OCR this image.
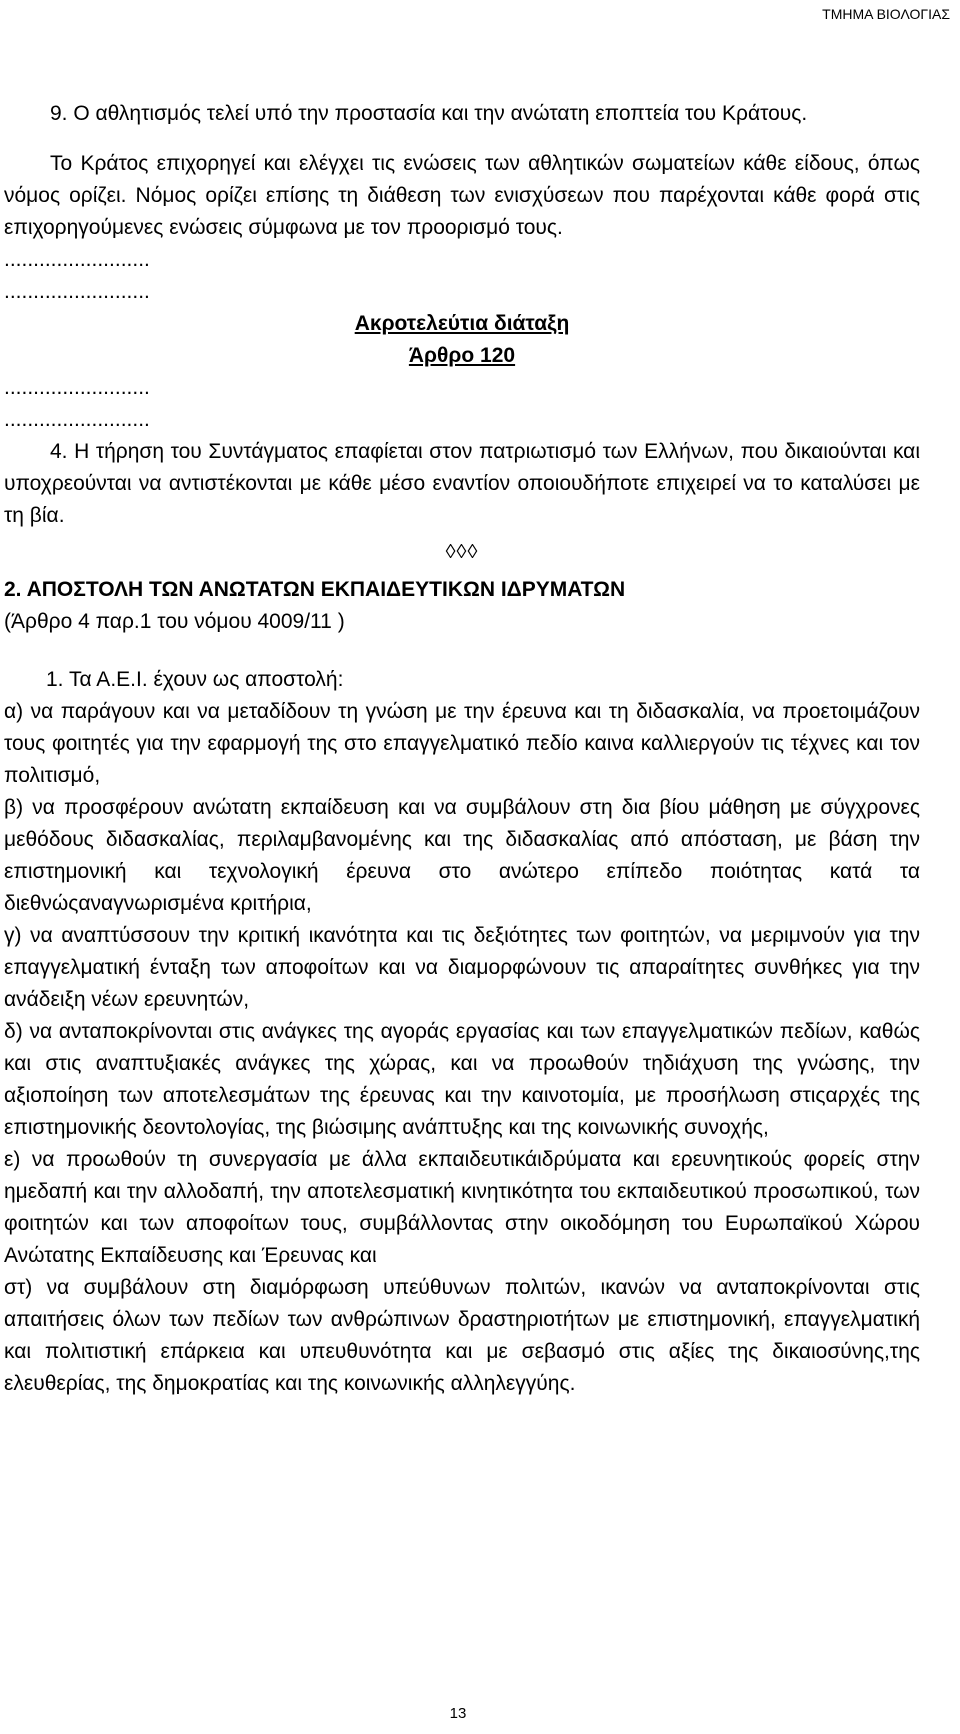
ΤΜΗΜΑ ΒΙΟΛΟΓΙΑΣ

9. Ο αθλητισμός τελεί υπό την προστασία και την ανώτατη εποπτεία του Κράτους.

Το Κράτος επιχορηγεί και ελέγχει τις ενώσεις των αθλητικών σωματείων κάθε είδους, όπως νόμος ορίζει. Νόμος ορίζει επίσης τη διάθεση των ενισχύσεων που παρέχονται κάθε φορά στις επιχορηγούμενες ενώσεις σύμφωνα με τον προορισμό τους.

.........................
.........................

Ακροτελεύτια διάταξη

Άρθρο 120

.........................
.........................

4. Η τήρηση του Συντάγματος επαφίεται στον πατριωτισμό των Ελλήνων, που δικαιούνται και υποχρεούνται να αντιστέκονται με κάθε μέσο εναντίον οποιουδήποτε επιχειρεί να το καταλύσει με τη βία.

◊◊◊

2. ΑΠΟΣΤΟΛΗ ΤΩΝ ΑΝΩΤΑΤΩΝ ΕΚΠΑΙΔΕΥΤΙΚΩΝ ΙΔΡΥΜΑΤΩΝ

(Άρθρο 4 παρ.1 του νόμου 4009/11 )

1. Τα Α.Ε.Ι. έχουν ως αποστολή:

α) να παράγουν και να μεταδίδουν τη γνώση με την έρευνα και τη διδασκαλία, να προετοιμάζουν τους φοιτητές για την εφαρμογή της στο επαγγελματικό πεδίο καινα καλλιεργούν τις τέχνες και τον πολιτισμό,

β) να προσφέρουν ανώτατη εκπαίδευση και να συμβάλουν στη δια βίου μάθηση με σύγχρονες μεθόδους διδασκαλίας, περιλαμβανομένης και της διδασκαλίας από απόσταση, με βάση την επιστημονική και τεχνολογική έρευνα στο ανώτερο επίπεδο ποιότητας κατά τα διεθνώςαναγνωρισμένα κριτήρια,

γ) να αναπτύσσουν την κριτική ικανότητα και τις δεξιότητες των φοιτητών, να μεριμνούν για την επαγγελματική ένταξη των αποφοίτων και να διαμορφώνουν τις απαραίτητες συνθήκες για την ανάδειξη νέων ερευνητών,

δ) να ανταποκρίνονται στις ανάγκες της αγοράς εργασίας και των επαγγελματικών πεδίων, καθώς και στις αναπτυξιακές ανάγκες της χώρας, και να προωθούν τηδιάχυση της γνώσης, την αξιοποίηση των αποτελεσμάτων της έρευνας και την καινοτομία, με προσήλωση στιςαρχές της επιστημονικής δεοντολογίας, της βιώσιμης ανάπτυξης και της κοινωνικής συνοχής,

ε) να προωθούν τη συνεργασία με άλλα εκπαιδευτικάιδρύματα και ερευνητικούς φορείς στην ημεδαπή και την αλλοδαπή, την αποτελεσματική κινητικότητα του εκπαιδευτικού προσωπικού, των φοιτητών και των αποφοίτων τους, συμβάλλοντας στην οικοδόμηση του Ευρωπαϊκού Χώρου Ανώτατης Εκπαίδευσης και Έρευνας και

στ) να συμβάλουν στη διαμόρφωση υπεύθυνων πολιτών, ικανών να ανταποκρίνονται στις απαιτήσεις όλων των πεδίων των ανθρώπινων δραστηριοτήτων με επιστημονική, επαγγελματική και πολιτιστική επάρκεια και υπευθυνότητα και με σεβασμό στις αξίες της δικαιοσύνης,της ελευθερίας, της δημοκρατίας και της κοινωνικής αλληλεγγύης.

13
